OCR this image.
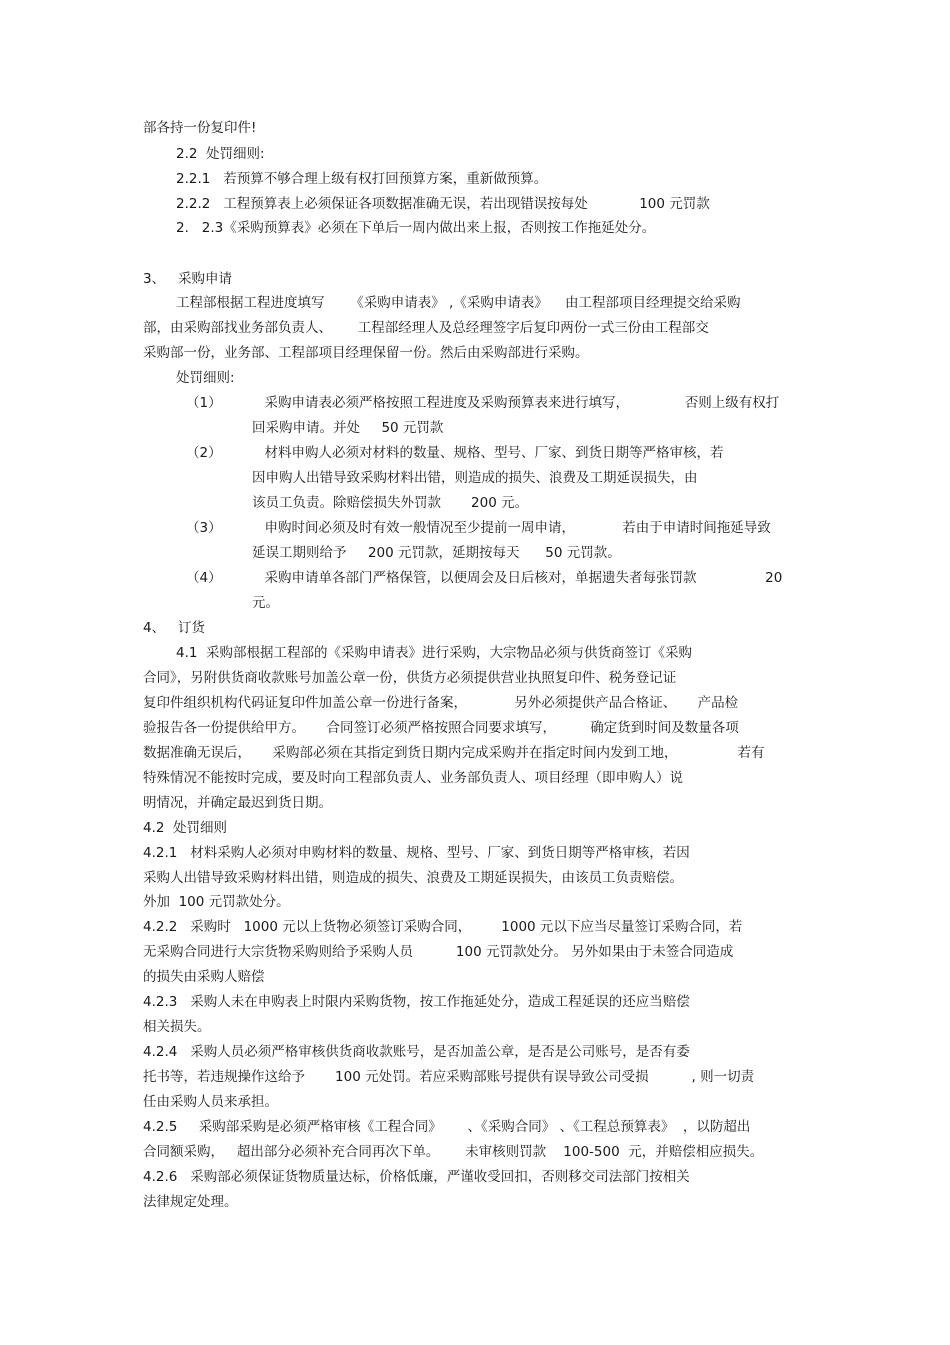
部各持一份复印件!
2.2  处罚细则:
2.2.1   若预算不够合理上级有权打回预算方案，重新做预算。
2.2.2   工程预算表上必须保证各项数据准确无误，若出现错误按每处            100 元罚款
2.   2.3《采购预算表》必须在下单后一周内做出来上报，否则按工作拖延处分。
3、   采购申请
工程部根据工程进度填写      《采购申请表》 ,《采购申请表》    由工程部项目经理提交给采购
部，由采购部找业务部负责人、      工程部经理人及总经理签字后复印两份一式三份由工程部交
采购部一份，业务部、工程部项目经理保留一份。然后由采购部进行采购。
处罚细则:
（1）          采购申请表必须严格按照工程进度及采购预算表来进行填写，             否则上级有权打
回采购申请。并处     50 元罚款
（2）          材料申购人必须对材料的数量、规格、型号、厂家、到货日期等严格审核，若
因申购人出错导致采购材料出错，则造成的损失、浪费及工期延误损失，由
该员工负责。除赔偿损失外罚款       200 元。
（3）          申购时间必须及时有效一般情况至少提前一周申请，           若由于申请时间拖延导致
延误工期则给予     200 元罚款，延期按每天      50 元罚款。
（4）          采购申请单各部门严格保管，以便周会及日后核对，单据遗失者每张罚款                20
元。
4、   订货
4.1  采购部根据工程部的《采购申请表》进行采购，大宗物品必须与供货商签订《采购
合同》，另附供货商收款账号加盖公章一份，供货方必须提供营业执照复印件、税务登记证
复印件组织机构代码证复印件加盖公章一份进行备案，           另外必须提供产品合格证、     产品检
验报告各一份提供给甲方。     合同签订必须严格按照合同要求填写，        确定货到时间及数量各项
数据准确无误后，     采购部必须在其指定到货日期内完成采购并在指定时间内发到工地，              若有
特殊情况不能按时完成，要及时向工程部负责人、业务部负责人、项目经理（即申购人）说
明情况，并确定最迟到货日期。
4.2  处罚细则
4.2.1   材料采购人必须对申购材料的数量、规格、型号、厂家、到货日期等严格审核，若因
采购人出错导致采购材料出错，则造成的损失、浪费及工期延误损失，由该员工负责赔偿。
外加  100 元罚款处分。
4.2.2   采购时   1000 元以上货物必须签订采购合同，       1000 元以下应当尽量签订采购合同，若
无采购合同进行大宗货物采购则给予采购人员          100 元罚款处分。 另外如果由于未签合同造成
的损失由采购人赔偿
4.2.3   采购人未在申购表上时限内采购货物，按工作拖延处分，造成工程延误的还应当赔偿
相关损失。
4.2.4   采购人员必须严格审核供货商收款账号，是否加盖公章，是否是公司账号，是否有委
托书等，若违规操作这给予       100 元处罚。若应采购部账号提供有误导致公司受损          , 则一切责
任由采购人员来承担。
4.2.5     采购部采购是必须严格审核《工程合同》      、《采购合同》 、《工程总预算表》  ，以防超出
合同额采购，   超出部分必须补充合同再次下单。      未审核则罚款    100-500  元，并赔偿相应损失。
4.2.6   采购部必须保证货物质量达标，价格低廉，严谨收受回扣，否则移交司法部门按相关
法律规定处理。
